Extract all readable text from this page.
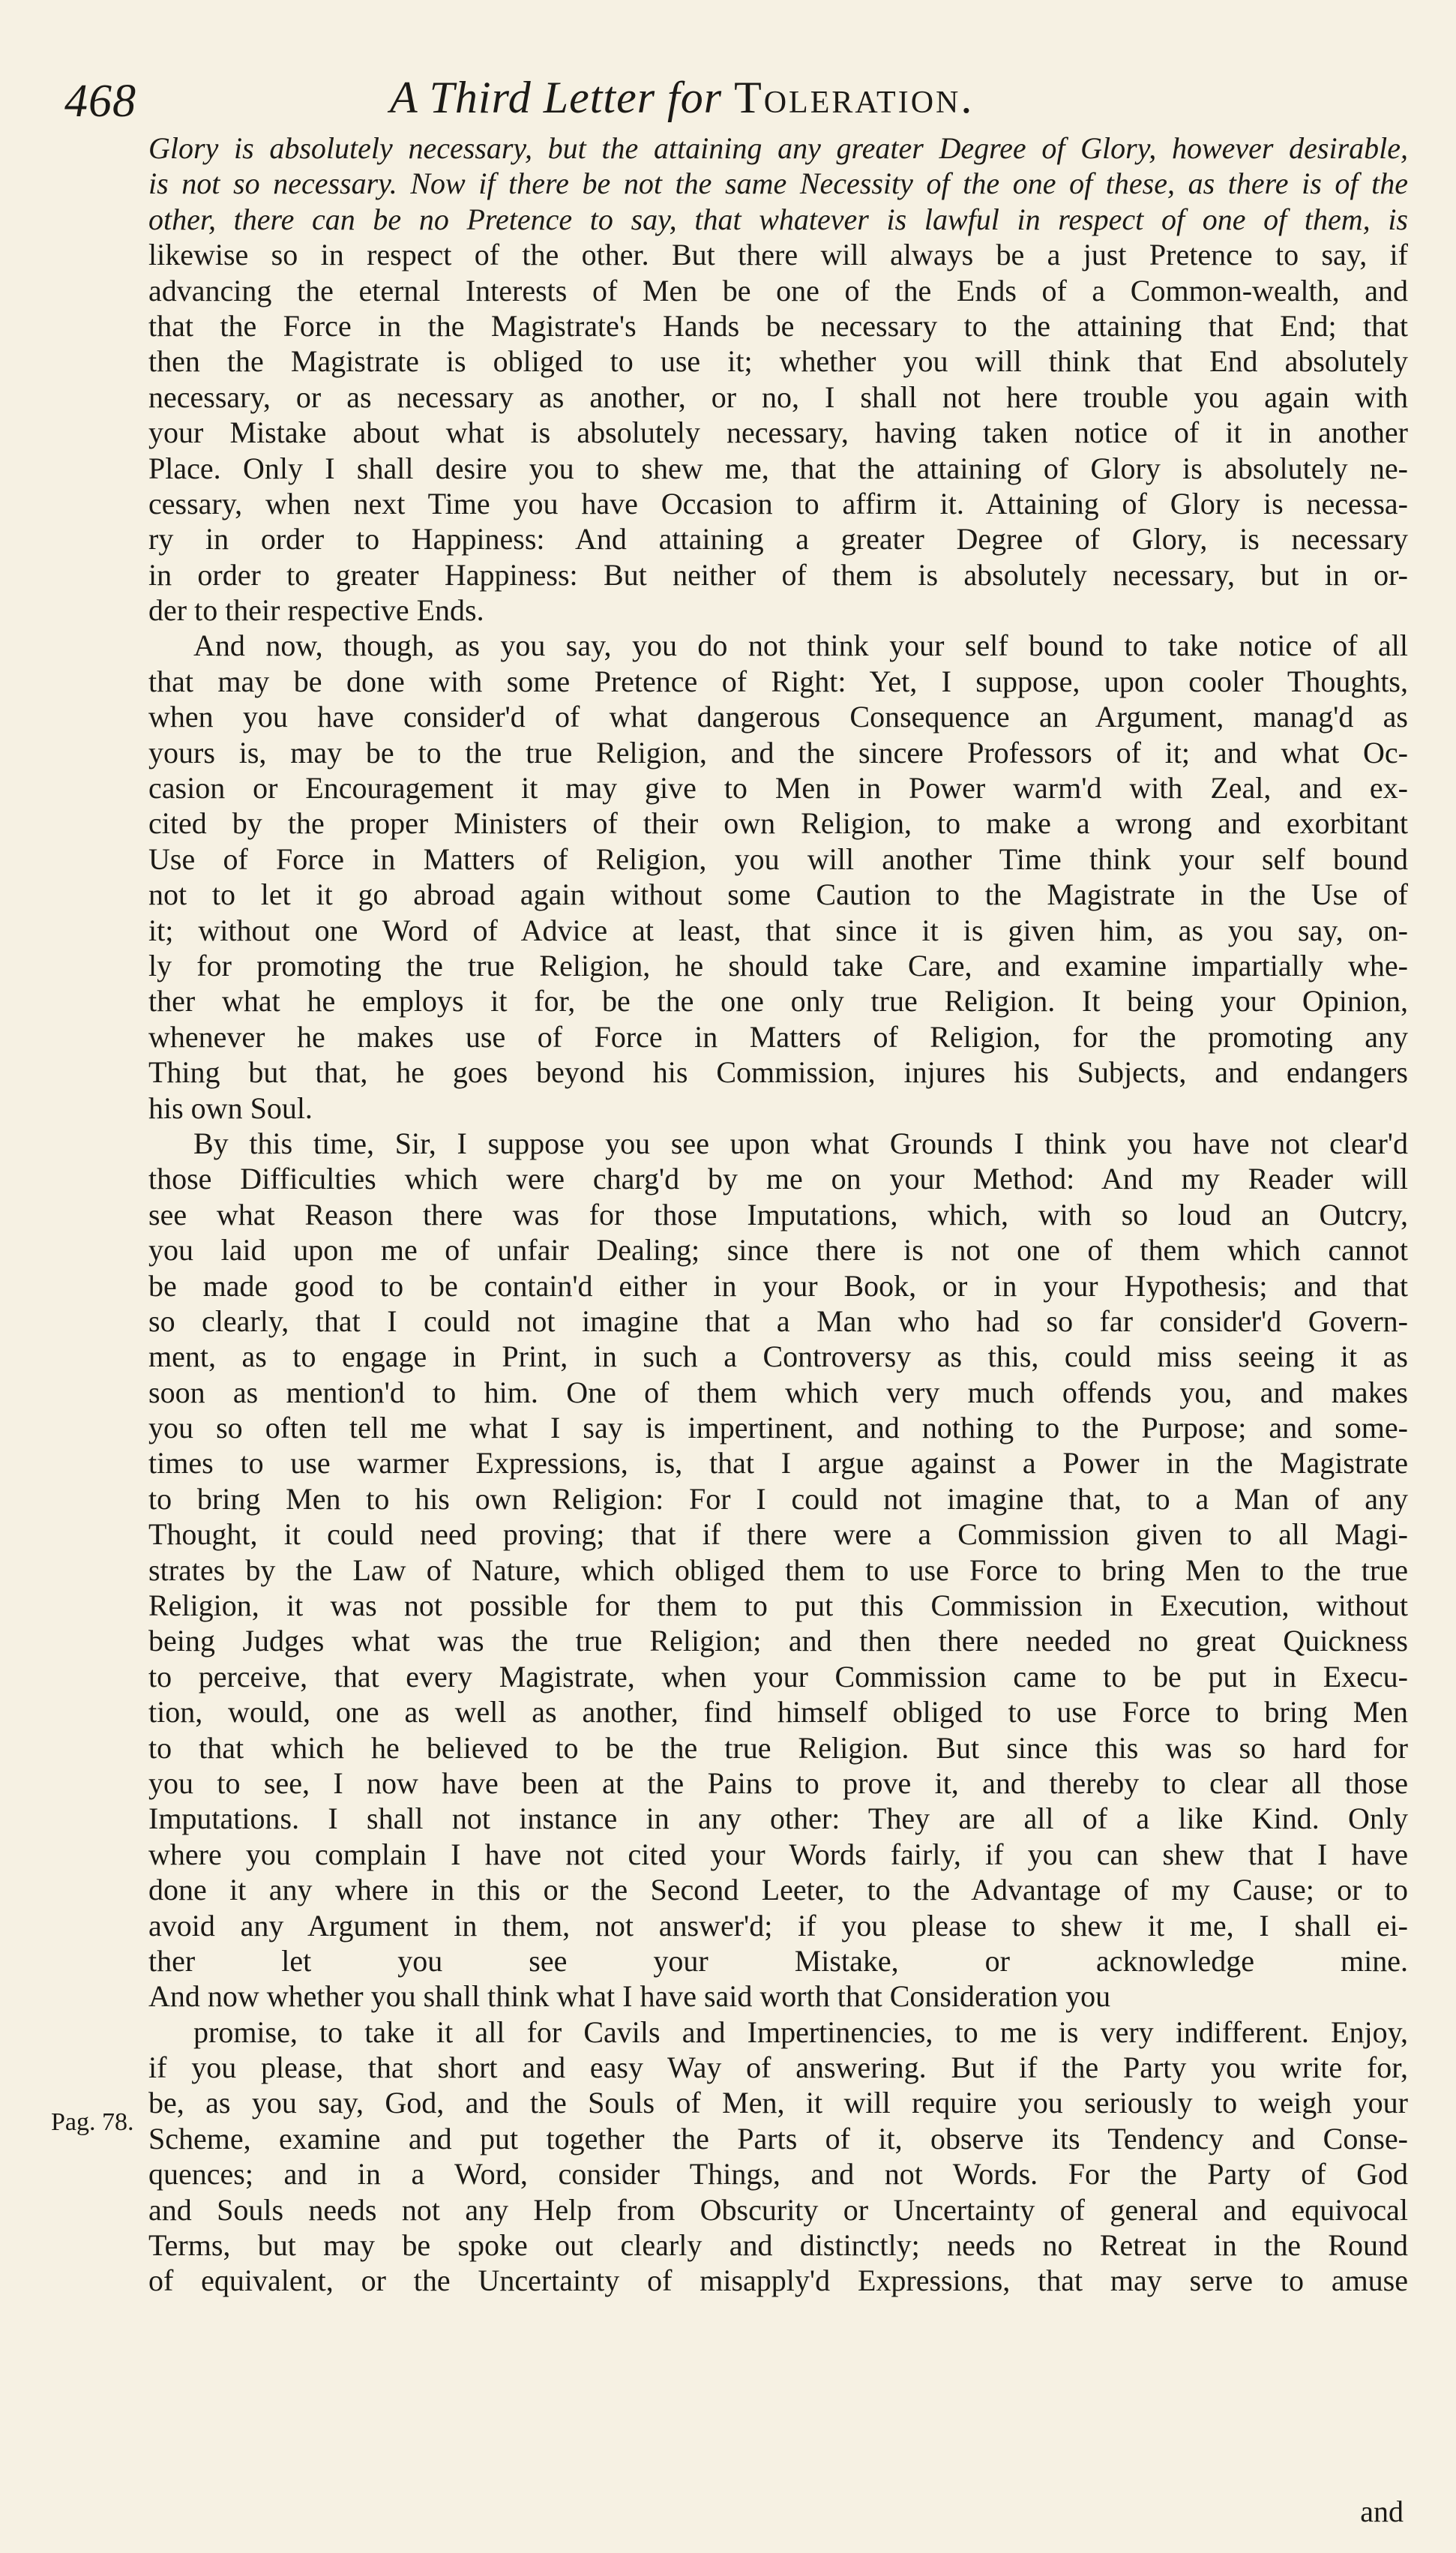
468	A Third Letter for Toleration.
Glory is absolutely necessary, but the attaining any greater Degree of Glory, however desirable,
is not so necessary. Now if there be not the same Necessity of the one of these, as there is of the
other, there can be no Pretence to say, that whatever is lawful in respect of one of them, is
likewise so in respect of the other. But there will always be a just Pretence to say, if
advancing the eternal Interests of Men be one of the Ends of a Common-wealth, and
that the Force in the Magistrate's Hands be necessary to the attaining that End; that
then the Magistrate is obliged to use it; whether you will think that End absolutely
necessary, or as necessary as another, or no, I shall not here trouble you again with
your Mistake about what is absolutely necessary, having taken notice of it in another
Place. Only I shall desire you to shew me, that the attaining of Glory is absolutely ne-
cessary, when next Time you have Occasion to affirm it. Attaining of Glory is necessa-
ry in order to Happiness: And attaining a greater Degree of Glory, is necessary
in order to greater Happiness: But neither of them is absolutely necessary, but in or-
der to their respective Ends.
And now, though, as you say, you do not think your self bound to take notice of all
that may be done with some Pretence of Right: Yet, I suppose, upon cooler Thoughts,
when you have consider'd of what dangerous Consequence an Argument, manag'd as
yours is, may be to the true Religion, and the sincere Professors of it; and what Oc-
casion or Encouragement it may give to Men in Power warm'd with Zeal, and ex-
cited by the proper Ministers of their own Religion, to make a wrong and exorbitant
Use of Force in Matters of Religion, you will another Time think your self bound
not to let it go abroad again without some Caution to the Magistrate in the Use of
it; without one Word of Advice at least, that since it is given him, as you say, on-
ly for promoting the true Religion, he should take Care, and examine impartially whe-
ther what he employs it for, be the one only true Religion. It being your Opinion,
whenever he makes use of Force in Matters of Religion, for the promoting any
Thing but that, he goes beyond his Commission, injures his Subjects, and endangers
his own Soul.
By this time, Sir, I suppose you see upon what Grounds I think you have not clear'd
those Difficulties which were charg'd by me on your Method: And my Reader will
see what Reason there was for those Imputations, which, with so loud an Outcry,
you laid upon me of unfair Dealing; since there is not one of them which cannot
be made good to be contain'd either in your Book, or in your Hypothesis; and that
so clearly, that I could not imagine that a Man who had so far consider'd Govern-
ment, as to engage in Print, in such a Controversy as this, could miss seeing it as
soon as mention'd to him. One of them which very much offends you, and makes
you so often tell me what I say is impertinent, and nothing to the Purpose; and some-
times to use warmer Expressions, is, that I argue against a Power in the Magistrate
to bring Men to his own Religion: For I could not imagine that, to a Man of any
Thought, it could need proving; that if there were a Commission given to all Magi-
strates by the Law of Nature, which obliged them to use Force to bring Men to the true
Religion, it was not possible for them to put this Commission in Execution, without
being Judges what was the true Religion; and then there needed no great Quickness
to perceive, that every Magistrate, when your Commission came to be put in Execu-
tion, would, one as well as another, find himself obliged to use Force to bring Men
to that which he believed to be the true Religion. But since this was so hard for
you to see, I now have been at the Pains to prove it, and thereby to clear all those
Imputations. I shall not instance in any other: They are all of a like Kind. Only
where you complain I have not cited your Words fairly, if you can shew that I have
done it any where in this or the Second Leeter, to the Advantage of my Cause; or to
avoid any Argument in them, not answer'd; if you please to shew it me, I shall ei-
ther let you see your Mistake, or acknowledge mine.
And now whether you shall think what I have said worth that Consideration you
promise, to take it all for Cavils and Impertinencies, to me is very indifferent. Enjoy,
if you please, that short and easy Way of answering. But if the Party you write for,
be, as you say, God, and the Souls of Men, it will require you seriously to weigh your
Scheme, examine and put together the Parts of it, observe its Tendency and Conse-
quences; and in a Word, consider Things, and not Words. For the Party of God
and Souls needs not any Help from Obscurity or Uncertainty of general and equivocal
Terms, but may be spoke out clearly and distinctly; needs no Retreat in the Round
of equivalent, or the Uncertainty of misapply'd Expressions, that may serve to amuse
Pag. 78.
and
